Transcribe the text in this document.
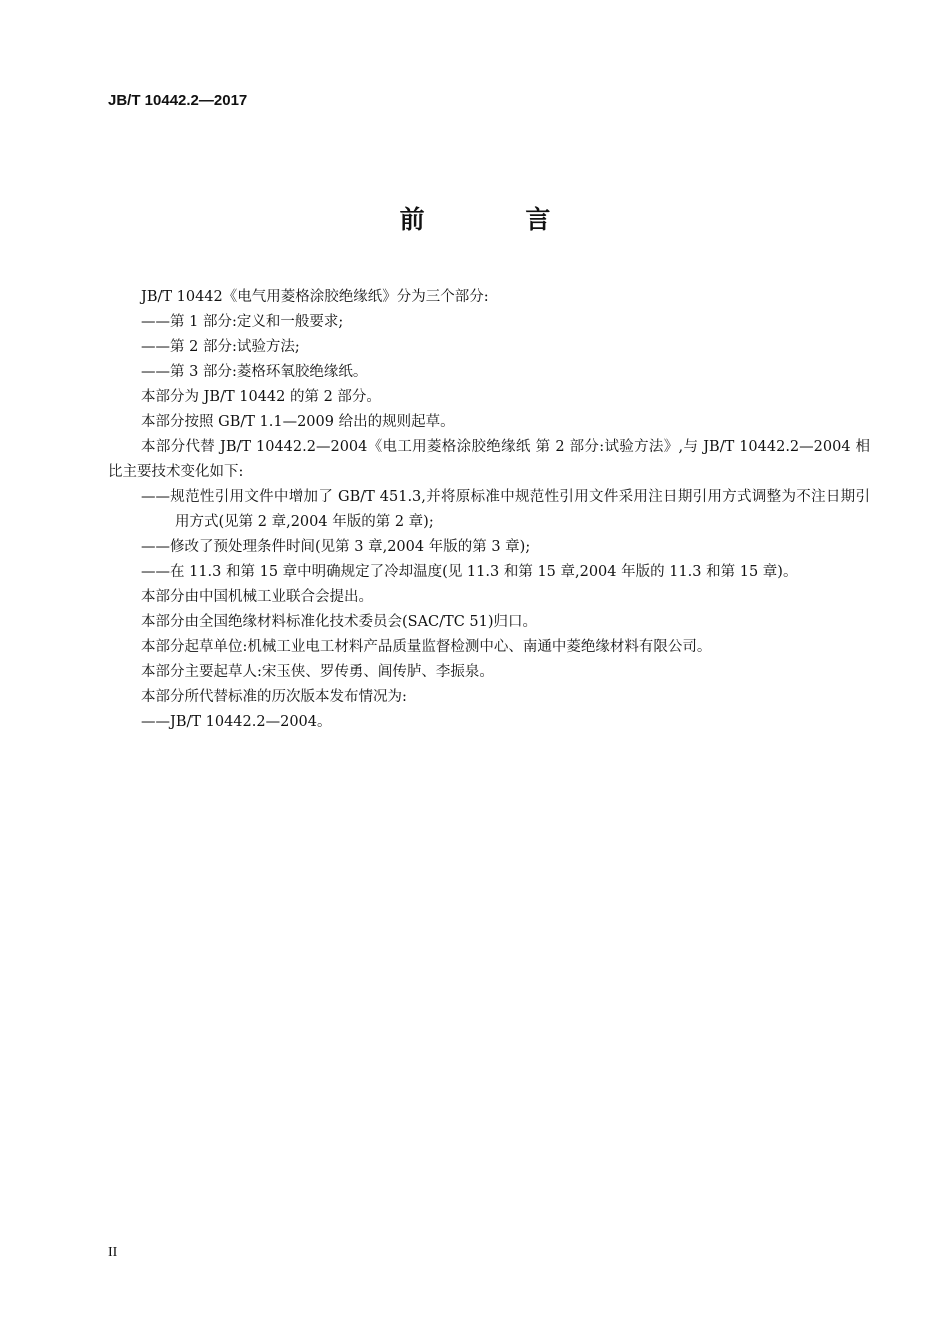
JB/T 10442.2—2017
前 言

JB/T 10442《电气用菱格涂胶绝缘纸》分为三个部分:

——第 1 部分:定义和一般要求;

——第 2 部分:试验方法;

——第 3 部分:菱格环氧胶绝缘纸。

本部分为 JB/T 10442 的第 2 部分。

本部分按照 GB/T 1.1—2009 给出的规则起草。

本部分代替 JB/T 10442.2—2004《电工用菱格涂胶绝缘纸 第 2 部分:试验方法》,与 JB/T 10442.2—2004 相比主要技术变化如下:

——规范性引用文件中增加了 GB/T 451.3,并将原标准中规范性引用文件采用注日期引用方式调整为不注日期引用方式(见第 2 章,2004 年版的第 2 章);

——修改了预处理条件时间(见第 3 章,2004 年版的第 3 章);

——在 11.3 和第 15 章中明确规定了冷却温度(见 11.3 和第 15 章,2004 年版的 11.3 和第 15 章)。

本部分由中国机械工业联合会提出。

本部分由全国绝缘材料标准化技术委员会(SAC/TC 51)归口。

本部分起草单位:机械工业电工材料产品质量监督检测中心、南通中菱绝缘材料有限公司。

本部分主要起草人:宋玉侠、罗传勇、阊传胪、李振泉。

本部分所代替标准的历次版本发布情况为:

——JB/T 10442.2—2004。

II
